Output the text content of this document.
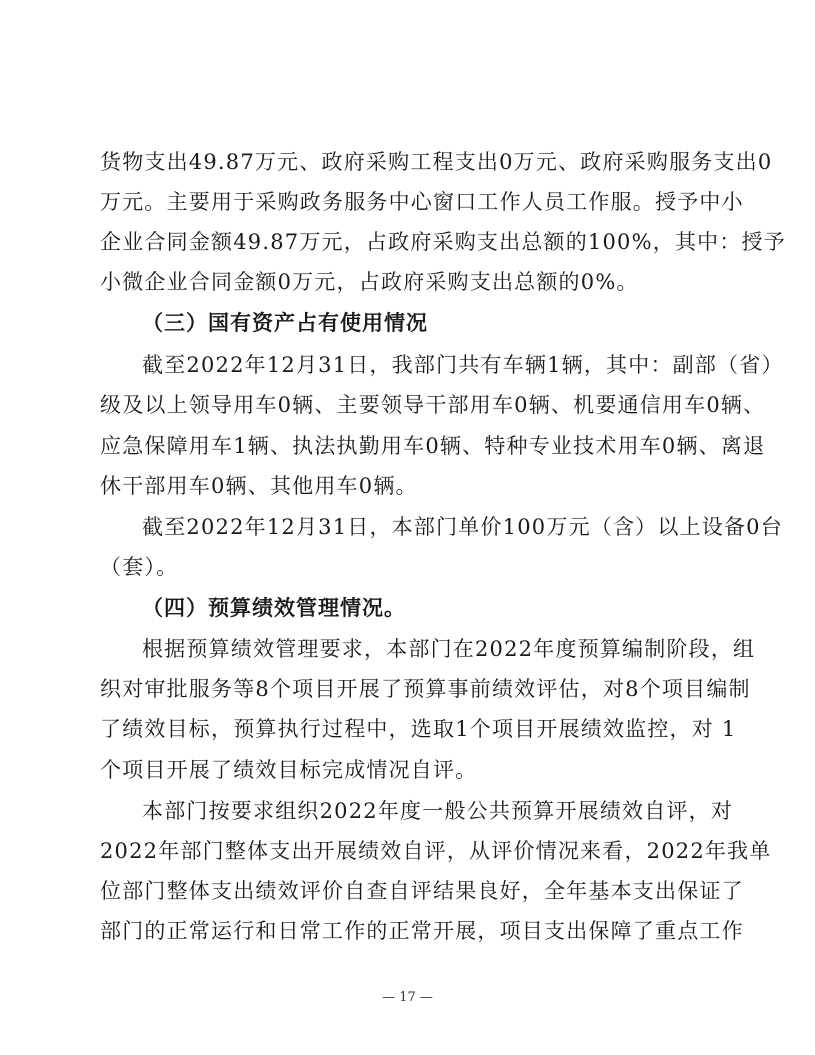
货物支出49.87万元、政府采购工程支出0万元、政府采购服务支出0
万元。主要用于采购政务服务中心窗口工作人员工作服。授予中小
企业合同金额49.87万元，占政府采购支出总额的100%，其中：授予
小微企业合同金额0万元，占政府采购支出总额的0%。
（三）国有资产占有使用情况
截至2022年12月31日，我部门共有车辆1辆，其中：副部（省）
级及以上领导用车0辆、主要领导干部用车0辆、机要通信用车0辆、
应急保障用车1辆、执法执勤用车0辆、特种专业技术用车0辆、离退
休干部用车0辆、其他用车0辆。
截至2022年12月31日，本部门单价100万元（含）以上设备0台
（套）。
（四）预算绩效管理情况。
根据预算绩效管理要求，本部门在2022年度预算编制阶段，组
织对审批服务等8个项目开展了预算事前绩效评估，对8个项目编制
了绩效目标，预算执行过程中，选取1个项目开展绩效监控，对 1
个项目开展了绩效目标完成情况自评。
本部门按要求组织2022年度一般公共预算开展绩效自评，对
2022年部门整体支出开展绩效自评，从评价情况来看，2022年我单
位部门整体支出绩效评价自查自评结果良好，全年基本支出保证了
部门的正常运行和日常工作的正常开展，项目支出保障了重点工作
— 17 —
